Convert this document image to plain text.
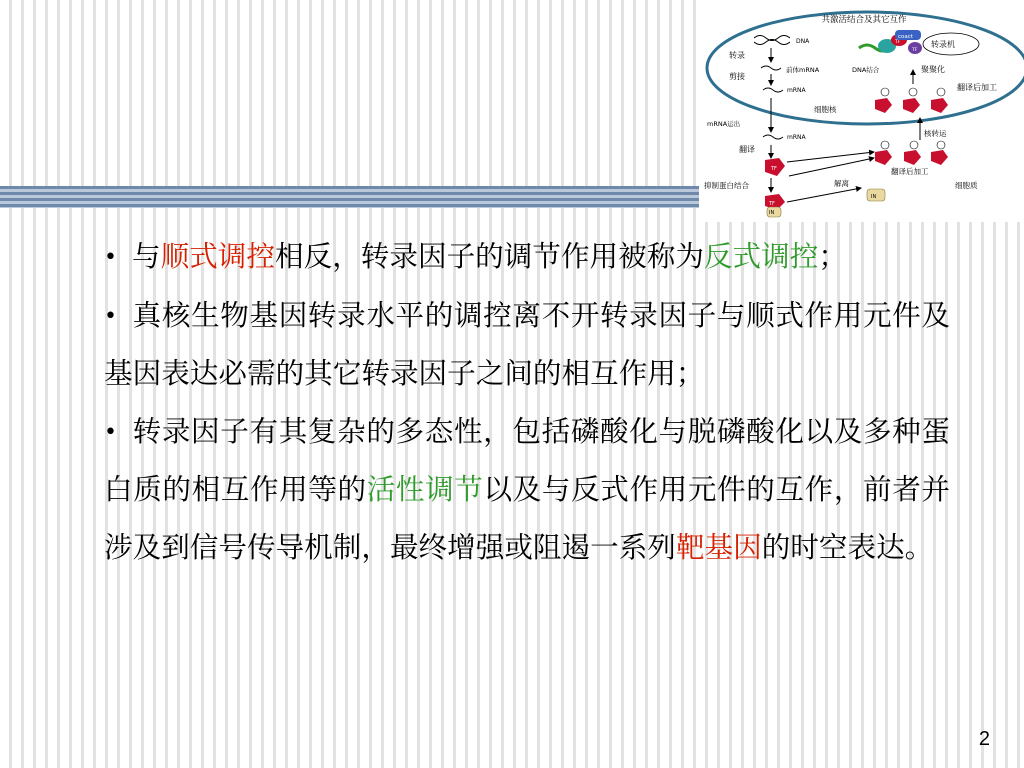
共激活结合及其它互作
DNA
转录
前体mRNA
剪接
mRNA
细胞核
mRNA运出
mRNA
翻译
TF
抑制蛋白结合
TF
IN
解离
IN
细胞质
TF
coact
TF
DNA结合
转录机
聚聚化
翻译后加工
核转运
翻译后加工

• 与顺式调控相反，转录因子的调节作用被称为反式调控；

• 真核生物基因转录水平的调控离不开转录因子与顺式作用元件及基因表达必需的其它转录因子之间的相互作用；

• 转录因子有其复杂的多态性，包括磷酸化与脱磷酸化以及多种蛋白质的相互作用等的活性调节以及与反式作用元件的互作，前者并涉及到信号传导机制，最终增强或阻遏一系列靶基因的时空表达。

2
